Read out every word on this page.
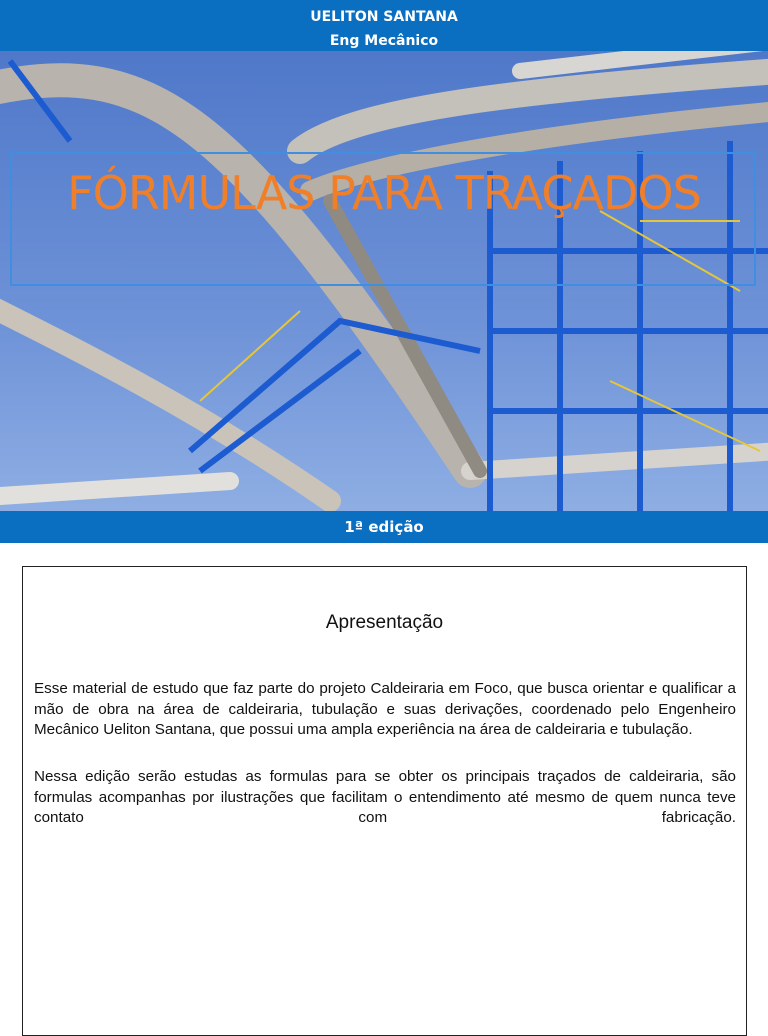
UELITON SANTANA
Eng Mecânico
FÓRMULAS PARA TRAÇADOS
1ª edição
Apresentação
Esse material de estudo que faz parte do projeto Caldeiraria em Foco, que busca orientar e qualificar a mão de obra na área de caldeiraria, tubulação e suas derivações, coordenado pelo Engenheiro Mecânico Ueliton Santana, que possui uma ampla experiência na área de caldeiraria e tubulação.
Nessa edição serão estudas as formulas para se obter os principais traçados de caldeiraria, são formulas acompanhas por ilustrações que facilitam o entendimento até mesmo de quem nunca teve contato com fabricação.
